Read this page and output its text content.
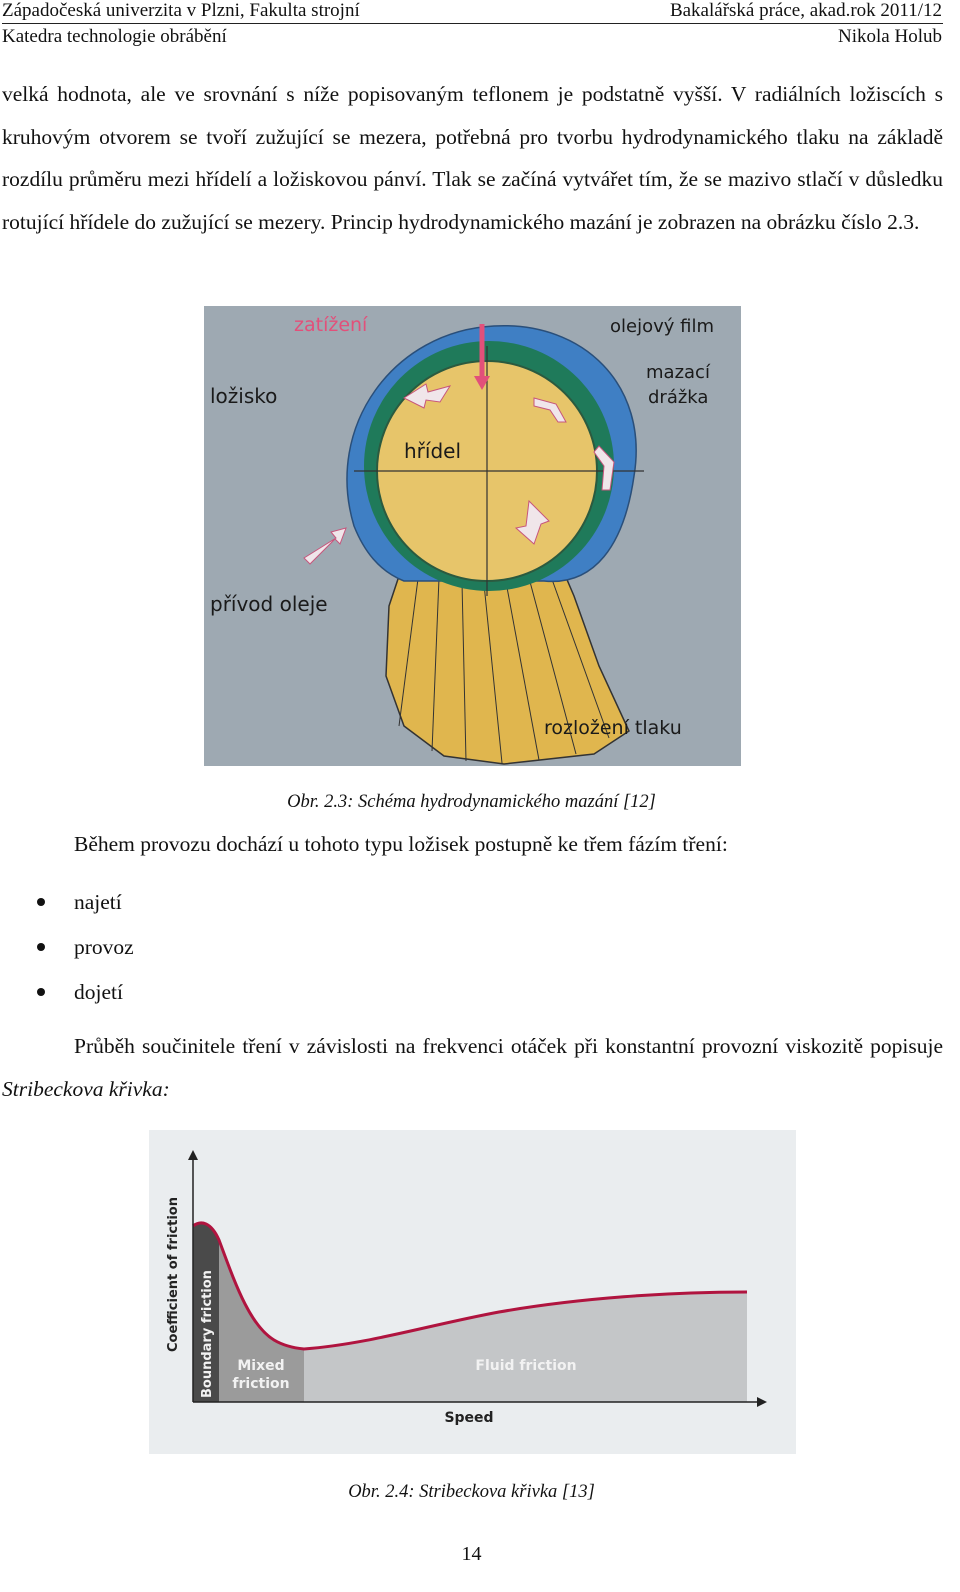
Západočeská univerzita v Plzni, Fakulta strojní	Bakalářská práce, akad.rok 2011/12
Katedra technologie obrábění	Nikola Holub
velká hodnota, ale ve srovnání s níže popisovaným teflonem je podstatně vyšší. V radiálních ložiscích s kruhovým otvorem se tvoří zužující se mezera, potřebná pro tvorbu hydrodynamického tlaku na základě rozdílu průměru mezi hřídelí a ložiskovou pánví. Tlak se začíná vytvářet tím, že se mazivo stlačí v důsledku rotující hřídele do zužující se mezery. Princip hydrodynamického mazání je zobrazen na obrázku číslo 2.3.
zatížení	olejový film
ložisko
mazací
drážka
hřídel
přívod oleje
rozložení tlaku
Obr. 2.3: Schéma hydrodynamického mazání [12]
Během provozu dochází u tohoto typu ložisek postupně ke třem fázím tření:
najetí
provoz
dojetí
Průběh součinitele tření v závislosti na frekvenci otáček při konstantní provozní viskozitě popisuje Stribeckova křivka:
Coefficient of friction Boundary friction Mixed
friction
Fluid friction
Speed
Obr. 2.4: Stribeckova křivka [13]
14
